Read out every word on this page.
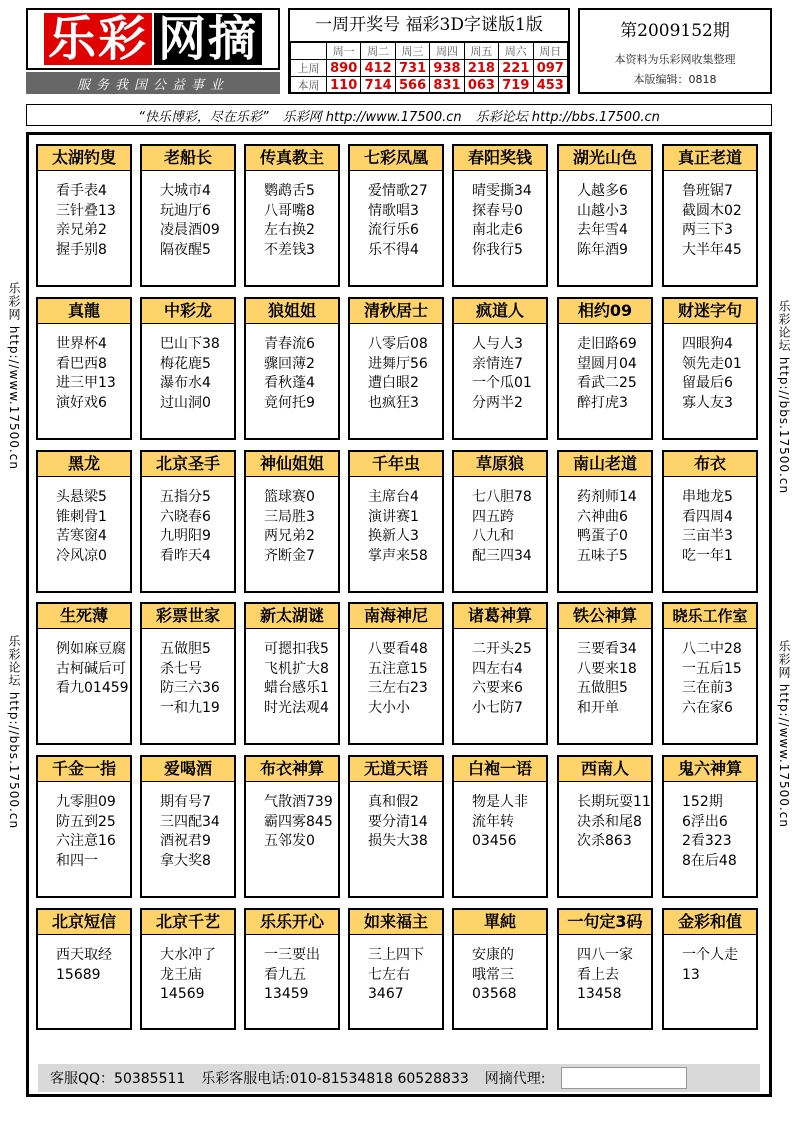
乐彩 网摘
服务我国公益事业
一周开奖号 福彩3D字谜版1版
	周一	周二	周三	周四	周五	周六	周日
上周	890	412	731	938	218	221	097
本周	110	714	566	831	063	719	453
第2009152期
本资料为乐彩网收集整理
本版编辑：0818
“快乐博彩，尽在乐彩” 乐彩网 http://www.17500.cn 乐彩论坛 http://bbs.17500.cn
乐彩网 http://www.17500.cn
乐彩论坛 http://bbs.17500.cn
乐彩论坛 http://bbs.17500.cn
乐彩网 http://www.17500.cn
太湖钓叟
看手表4
三针叠13
亲兄弟2
握手别8
老船长
大城市4
玩迪厅6
凌晨酒09
隔夜醒5
传真教主
鹦鹉舌5
八哥嘴8
左右换2
不差钱3
七彩凤凰
爱情歌27
情歌唱3
流行乐6
乐不得4
春阳奖钱
晴雯撕34
探春号0
南北走6
你我行5
湖光山色
人越多6
山越小3
去年雪4
陈年酒9
真正老道
鲁班锯7
截圆木02
两三下3
大半年45
真龍
世界杯4
看巴西8
进三甲13
演好戏6
中彩龙
巴山下38
梅花鹿5
瀑布水4
过山洞0
狼姐姐
青春流6
骤回薄2
看秋蓬4
竟何托9
清秋居士
八零后08
进舞厅56
遭白眼2
也疯狂3
疯道人
人与人3
亲情连7
一个瓜01
分两半2
相约09
走旧路69
望圆月04
看武二25
醉打虎3
财迷字句
四眼狗4
领先走01
留最后6
寡人友3
黑龙
头悬梁5
锥刺骨1
苦寒窗4
冷风凉0
北京圣手
五指分5
六晓春6
九明阳9
看昨天4
神仙姐姐
篮球赛0
三局胜3
两兄弟2
齐断金7
千年虫
主席台4
演讲赛1
换新人3
掌声来58
草原狼
七八胆78
四五跨
八九和
配三四34
南山老道
药剂师14
六神曲6
鸭蛋子0
五味子5
布衣
串地龙5
看四周4
三亩半3
吃一年1
生死薄
例如麻豆腐
古柯碱后可
看九01459
彩票世家
五做胆5
杀七号
防三六36
一和九19
新太湖谜
可摁扣我5
飞机扩大8
蜡台感乐1
时光法观4
南海神尼
八要看48
五注意15
三左右23
大小小
诸葛神算
二开头25
四左右4
六要来6
小七防7
铁公神算
三要看34
八要来18
五做胆5
和开单
晓乐工作室
八二中28
一五后15
三在前3
六在家6
千金一指
九零胆09
防五到25
六注意16
和四一
爱喝酒
期有号7
三四配34
酒祝君9
拿大奖8
布衣神算
气散酒739
霸四雾845
五邻发0
无道天语
真和假2
要分清14
损失大38
白袍一语
物是人非
流年转
03456
西南人
长期玩耍11
决杀和尾8
次杀863
鬼六神算
152期
6浮出6
2看323
8在后48
北京短信
西天取经
15689
北京千艺
大水冲了
龙王庙
14569
乐乐开心
一三要出
看九五
13459
如来福主
三上四下
七左右
3467
單純
安康的
哦常三
03568
一句定3码
四八一家
看上去
13458
金彩和值
一个人走
13
客服QQ：50385511 乐彩客服电话:010-81534818 60528833 网摘代理:
